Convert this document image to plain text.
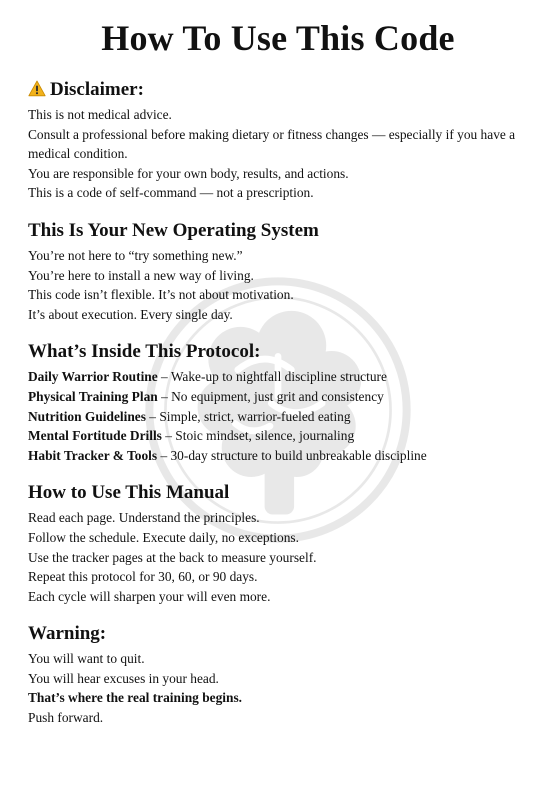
How To Use This Code
Disclaimer:

This is not medical advice.

Consult a professional before making dietary or fitness changes — especially if you have a medical condition.

You are responsible for your own body, results, and actions.

This is a code of self-command — not a prescription.

This Is Your New Operating System

You’re not here to “try something new.”

You’re here to install a new way of living.

This code isn’t flexible. It’s not about motivation.

It’s about execution. Every single day.

What’s Inside This Protocol:

Daily Warrior Routine – Wake-up to nightfall discipline structure

Physical Training Plan – No equipment, just grit and consistency

Nutrition Guidelines – Simple, strict, warrior-fueled eating

Mental Fortitude Drills – Stoic mindset, silence, journaling

Habit Tracker & Tools – 30-day structure to build unbreakable discipline

How to Use This Manual

Read each page. Understand the principles.

Follow the schedule. Execute daily, no exceptions.

Use the tracker pages at the back to measure yourself.

Repeat this protocol for 30, 60, or 90 days.

Each cycle will sharpen your will even more.

Warning:

You will want to quit.

You will hear excuses in your head.

That’s where the real training begins.

Push forward.
